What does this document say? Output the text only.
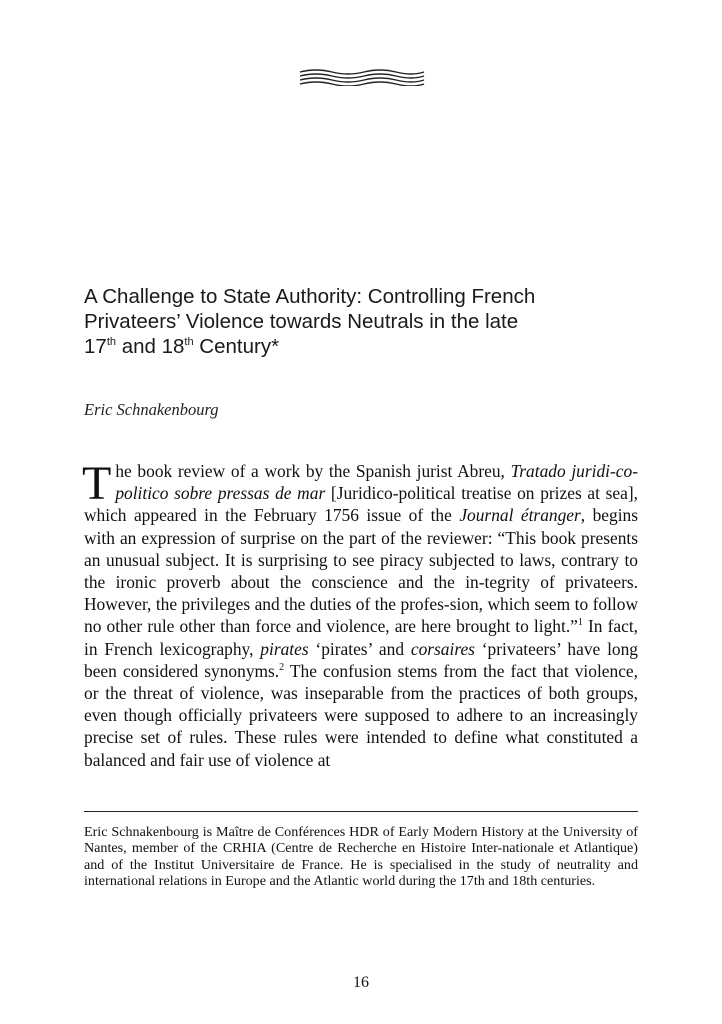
A Challenge to State Authority: Controlling French
Privateers’ Violence towards Neutrals in the late
17th and 18th Century*
Eric Schnakenbourg

The book review of a work by the Spanish jurist Abreu, Tratado juridi-co-politico sobre pressas de mar [Juridico-political treatise on prizes at sea], which appeared in the February 1756 issue of the Journal étranger, begins with an expression of surprise on the part of the reviewer: “This book presents an unusual subject. It is surprising to see piracy subjected to laws, contrary to the ironic proverb about the conscience and the in-tegrity of privateers. However, the privileges and the duties of the profes-sion, which seem to follow no other rule other than force and violence, are here brought to light.”$^1$ In fact, in French lexicography, pirates ‘pirates’ and corsaires ‘privateers’ have long been considered synonyms.$^2$ The confusion stems from the fact that violence, or the threat of violence, was inseparable from the practices of both groups, even though officially privateers were supposed to adhere to an increasingly precise set of rules. These rules were intended to define what constituted a balanced and fair use of violence at

Eric Schnakenbourg is Maître de Conférences HDR of Early Modern History at the University of Nantes, member of the CRHIA (Centre de Recherche en Histoire Inter-nationale et Atlantique) and of the Institut Universitaire de France. He is specialised in the study of neutrality and international relations in Europe and the Atlantic world during the 17th and 18th centuries.

16
